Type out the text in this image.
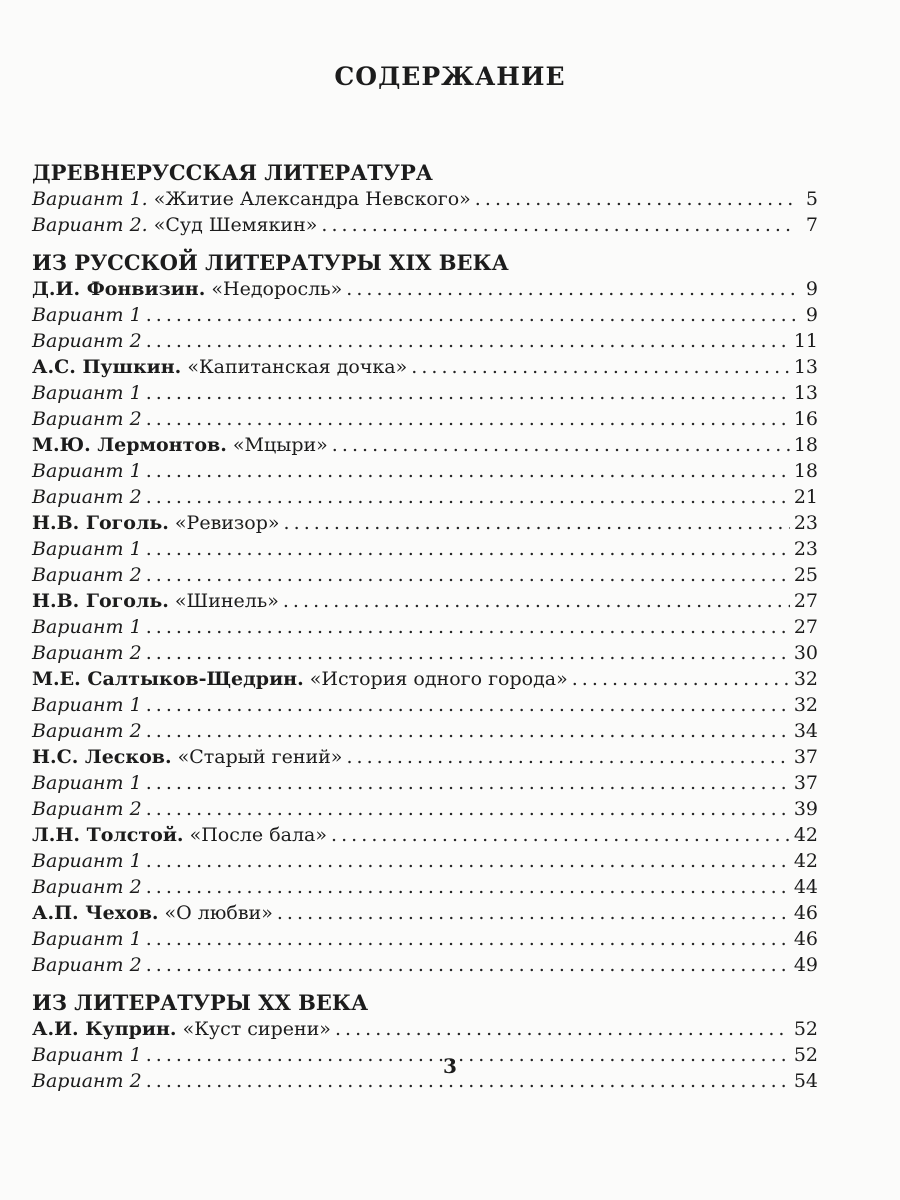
СОДЕРЖАНИЕ
ДРЕВНЕРУССКАЯ ЛИТЕРАТУРА
ИЗ РУССКОЙ ЛИТЕРАТУРЫ XIX ВЕКА
ИЗ ЛИТЕРАТУРЫ XX ВЕКА
Вариант 1. «Житие Александра Невского» . . .	5
Вариант 2. «Суд Шемякин» . . .	7
Д.И. Фонвизин. «Недоросль» . . .	9
Вариант 1 . . .	9
Вариант 2 . . .	11
А.С. Пушкин. «Капитанская дочка» . . .	13
Вариант 1 . . .	13
Вариант 2 . . .	16
М.Ю. Лермонтов. «Мцыри» . . .	18
Вариант 1 . . .	18
Вариант 2 . . .	21
Н.В. Гоголь. «Ревизор» . . .	23
Вариант 1 . . .	23
Вариант 2 . . .	25
Н.В. Гоголь. «Шинель» . . .	27
Вариант 1 . . .	27
Вариант 2 . . .	30
М.Е. Салтыков-Щедрин. «История одного города» . . .	32
Вариант 1 . . .	32
Вариант 2 . . .	34
Н.С. Лесков. «Старый гений» . . .	37
Вариант 1 . . .	37
Вариант 2 . . .	39
Л.Н. Толстой. «После бала» . . .	42
Вариант 1 . . .	42
Вариант 2 . . .	44
А.П. Чехов. «О любви» . . .	46
Вариант 1 . . .	46
Вариант 2 . . .	49
А.И. Куприн. «Куст сирени» . . .	52
Вариант 1 . . .	52
Вариант 2 . . .	54
3
